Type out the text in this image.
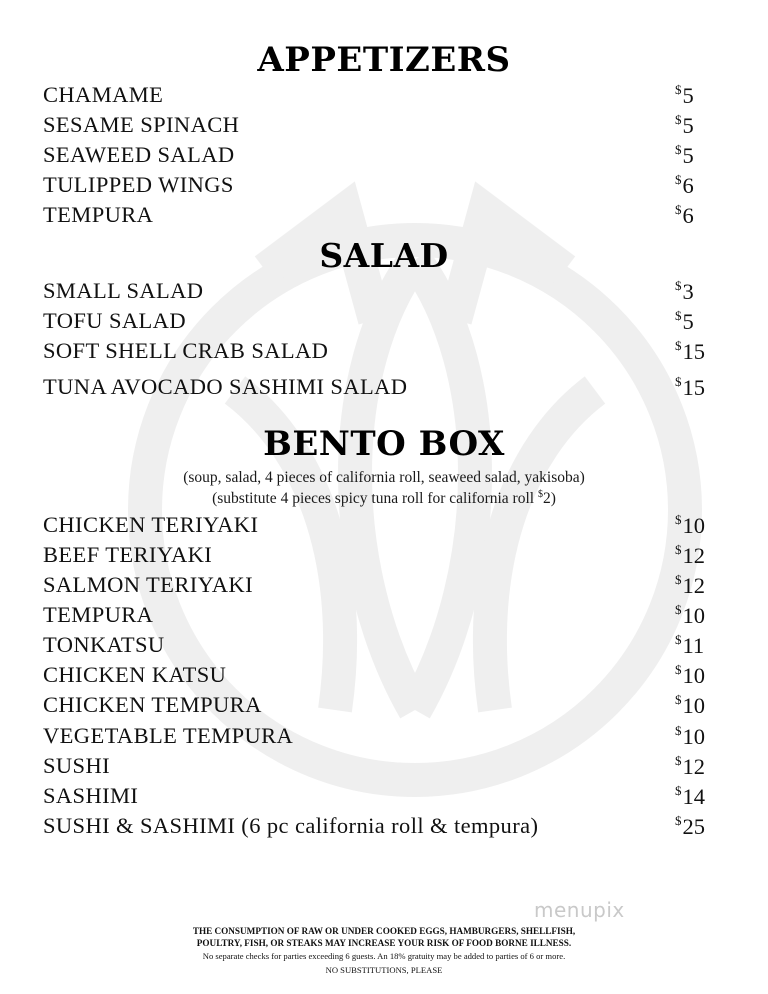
APPETIZERS
CHAMAME	$5
SESAME SPINACH	$5
SEAWEED SALAD	$5
TULIPPED WINGS	$6
TEMPURA	$6
SALAD
SMALL SALAD	$3
TOFU SALAD	$5
SOFT SHELL CRAB SALAD	$15
TUNA AVOCADO SASHIMI SALAD	$15
BENTO BOX
(soup, salad, 4 pieces of california roll, seaweed salad, yakisoba)
(substitute 4 pieces spicy tuna roll for california roll $2)
CHICKEN TERIYAKI	$10
BEEF TERIYAKI	$12
SALMON TERIYAKI	$12
TEMPURA	$10
TONKATSU	$11
CHICKEN KATSU	$10
CHICKEN TEMPURA	$10
VEGETABLE TEMPURA	$10
SUSHI	$12
SASHIMI	$14
SUSHI & SASHIMI (6 pc california roll & tempura)	$25
menupix
THE CONSUMPTION OF RAW OR UNDER COOKED EGGS, HAMBURGERS, SHELLFISH,
POULTRY, FISH, OR STEAKS MAY INCREASE YOUR RISK OF FOOD BORNE ILLNESS.
No separate checks for parties exceeding 6 guests. An 18% gratuity may be added to parties of 6 or more.
NO SUBSTITUTIONS, PLEASE
